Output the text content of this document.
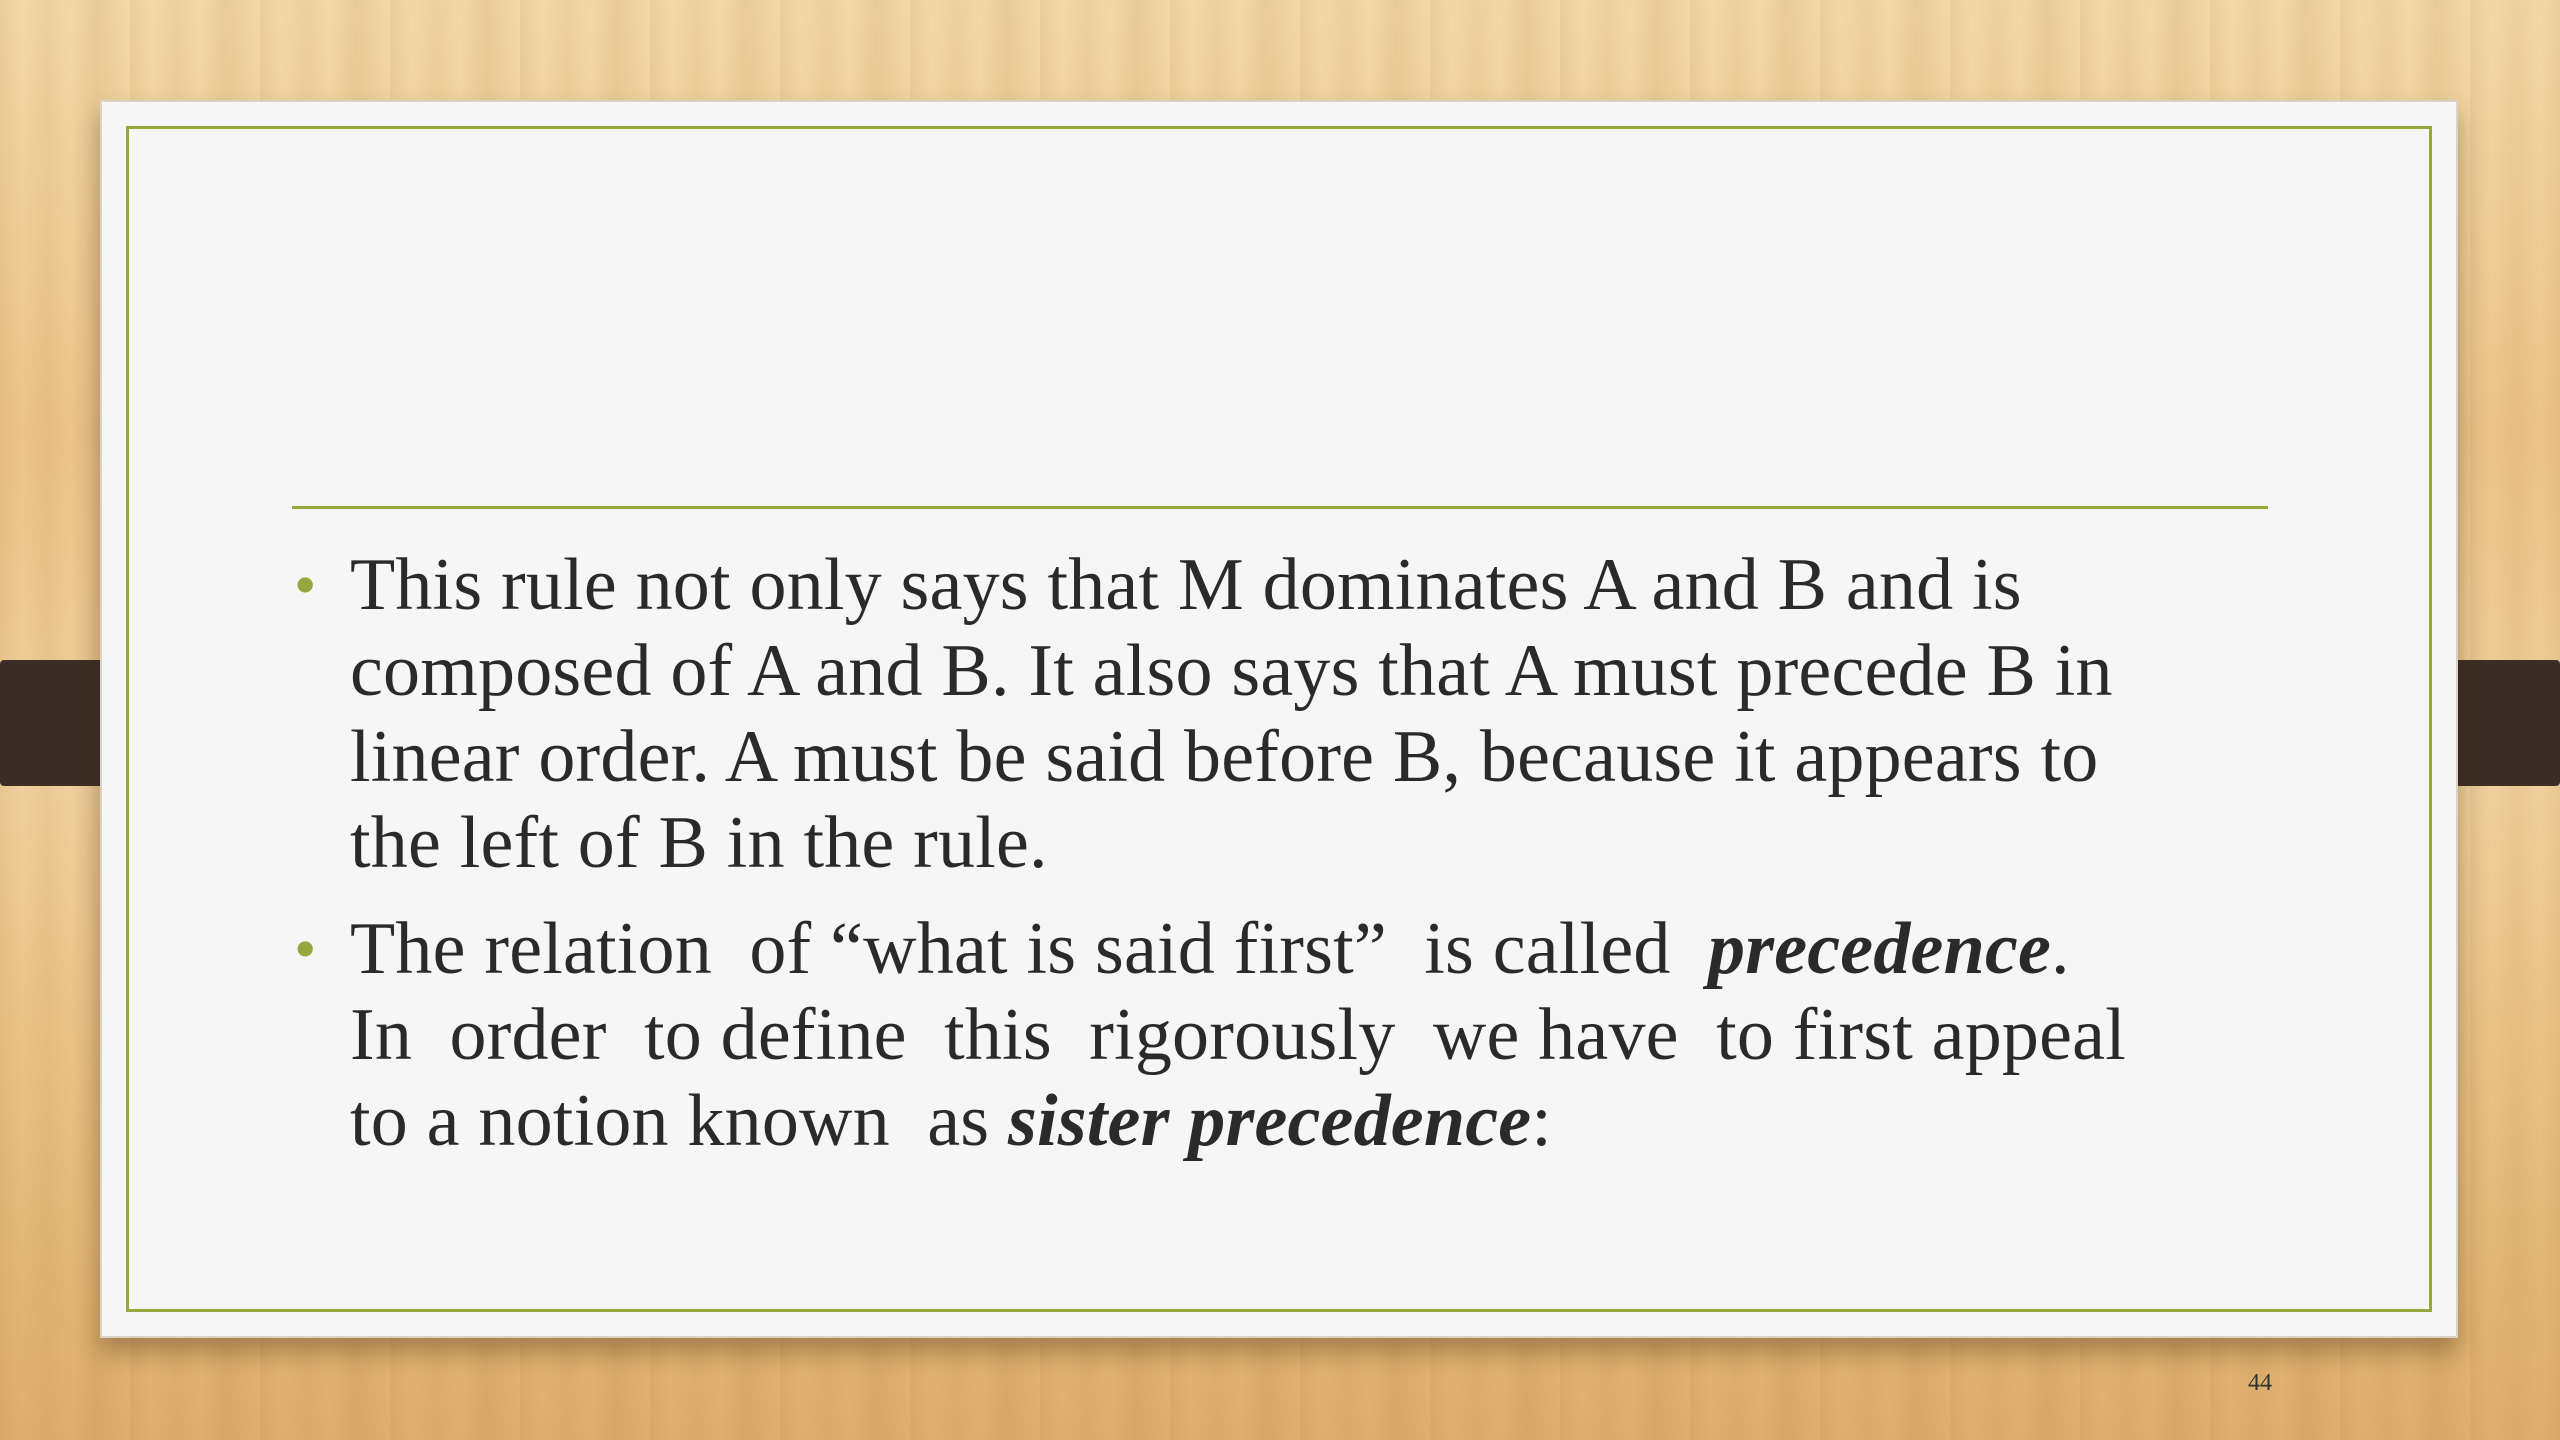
• This rule not only says that M dominates A and B and is
composed of A and B. It also says that A must precede B in
linear order. A must be said before B, because it appears to
the left of B in the rule.
• The relation  of “what is said first”  is called  precedence.
In  order  to define  this  rigorously  we have  to first appeal
to a notion known  as sister precedence:
44
